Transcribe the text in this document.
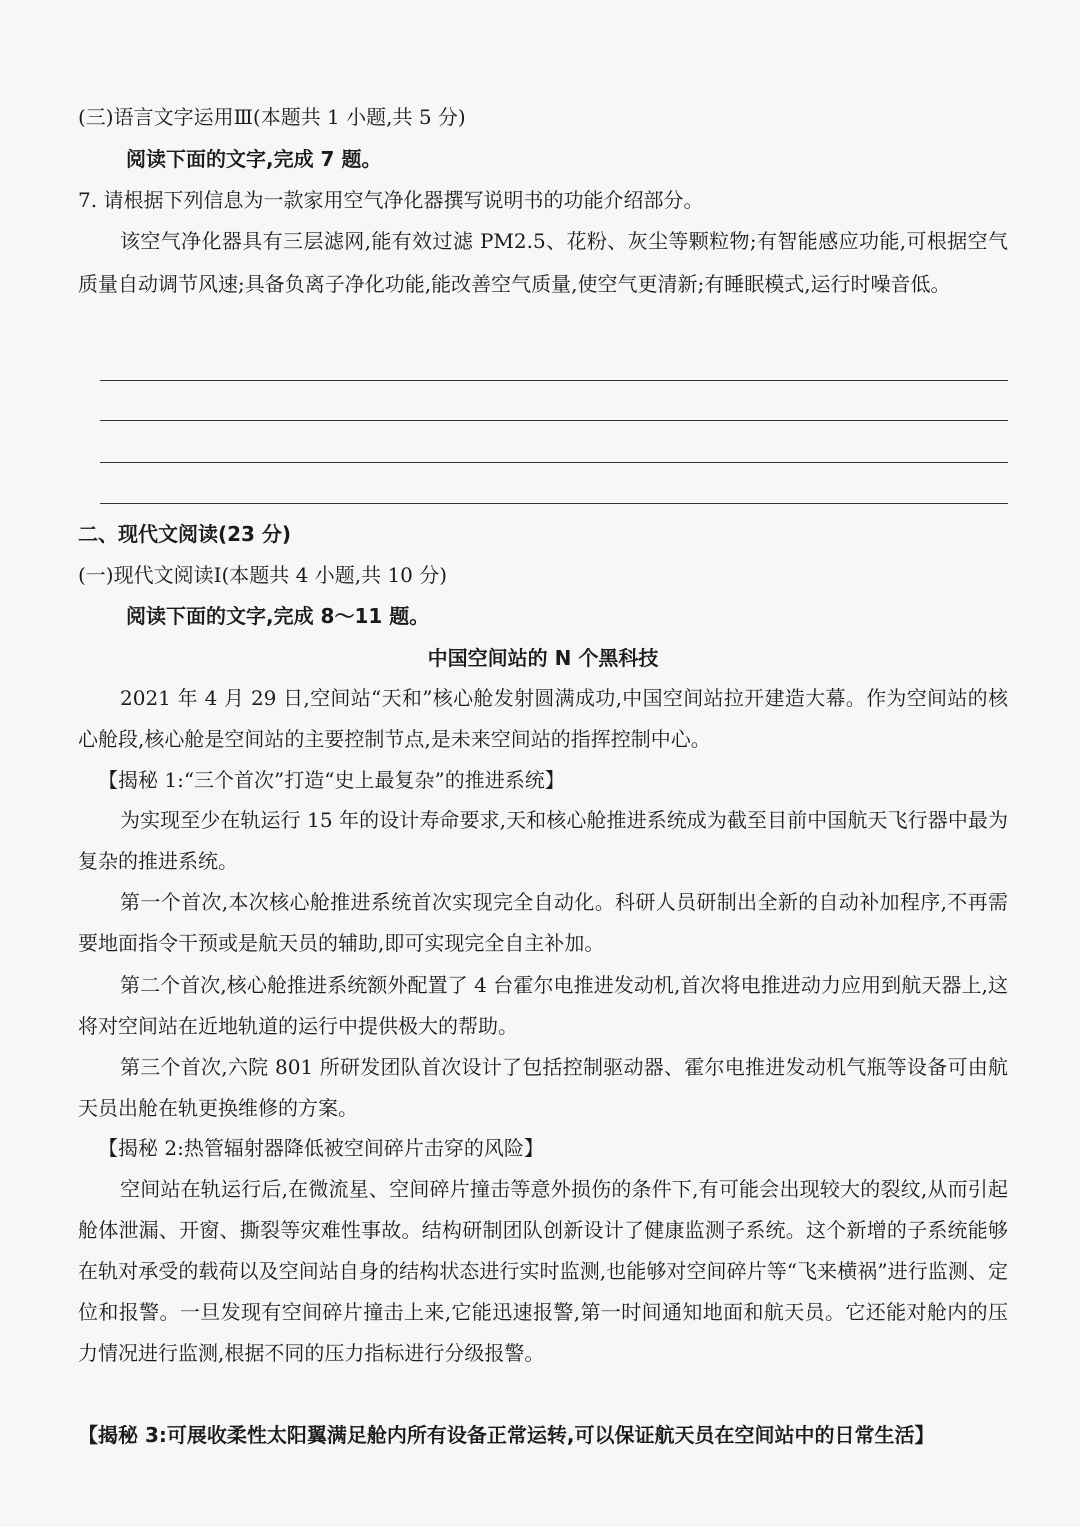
(三)语言文字运用Ⅲ(本题共 1 小题,共 5 分)
阅读下面的文字,完成 7 题。
7. 请根据下列信息为一款家用空气净化器撰写说明书的功能介绍部分。
该空气净化器具有三层滤网,能有效过滤 PM2.5、花粉、灰尘等颗粒物;有智能感应功能,可根据空气质量自动调节风速;具备负离子净化功能,能改善空气质量,使空气更清新;有睡眠模式,运行时噪音低。
二、现代文阅读(23 分)
(一)现代文阅读Ⅰ(本题共 4 小题,共 10 分)
阅读下面的文字,完成 8～11 题。
中国空间站的 N 个黑科技
2021 年 4 月 29 日,空间站“天和”核心舱发射圆满成功,中国空间站拉开建造大幕。作为空间站的核心舱段,核心舱是空间站的主要控制节点,是未来空间站的指挥控制中心。
【揭秘 1:“三个首次”打造“史上最复杂”的推进系统】
为实现至少在轨运行 15 年的设计寿命要求,天和核心舱推进系统成为截至目前中国航天飞行器中最为复杂的推进系统。
第一个首次,本次核心舱推进系统首次实现完全自动化。科研人员研制出全新的自动补加程序,不再需要地面指令干预或是航天员的辅助,即可实现完全自主补加。
第二个首次,核心舱推进系统额外配置了 4 台霍尔电推进发动机,首次将电推进动力应用到航天器上,这将对空间站在近地轨道的运行中提供极大的帮助。
第三个首次,六院 801 所研发团队首次设计了包括控制驱动器、霍尔电推进发动机气瓶等设备可由航天员出舱在轨更换维修的方案。
【揭秘 2:热管辐射器降低被空间碎片击穿的风险】
空间站在轨运行后,在微流星、空间碎片撞击等意外损伤的条件下,有可能会出现较大的裂纹,从而引起舱体泄漏、开窗、撕裂等灾难性事故。结构研制团队创新设计了健康监测子系统。这个新增的子系统能够在轨对承受的载荷以及空间站自身的结构状态进行实时监测,也能够对空间碎片等“飞来横祸”进行监测、定位和报警。一旦发现有空间碎片撞击上来,它能迅速报警,第一时间通知地面和航天员。它还能对舱内的压力情况进行监测,根据不同的压力指标进行分级报警。
【揭秘 3:可展收柔性太阳翼满足舱内所有设备正常运转,可以保证航天员在空间站中的日常生活】
